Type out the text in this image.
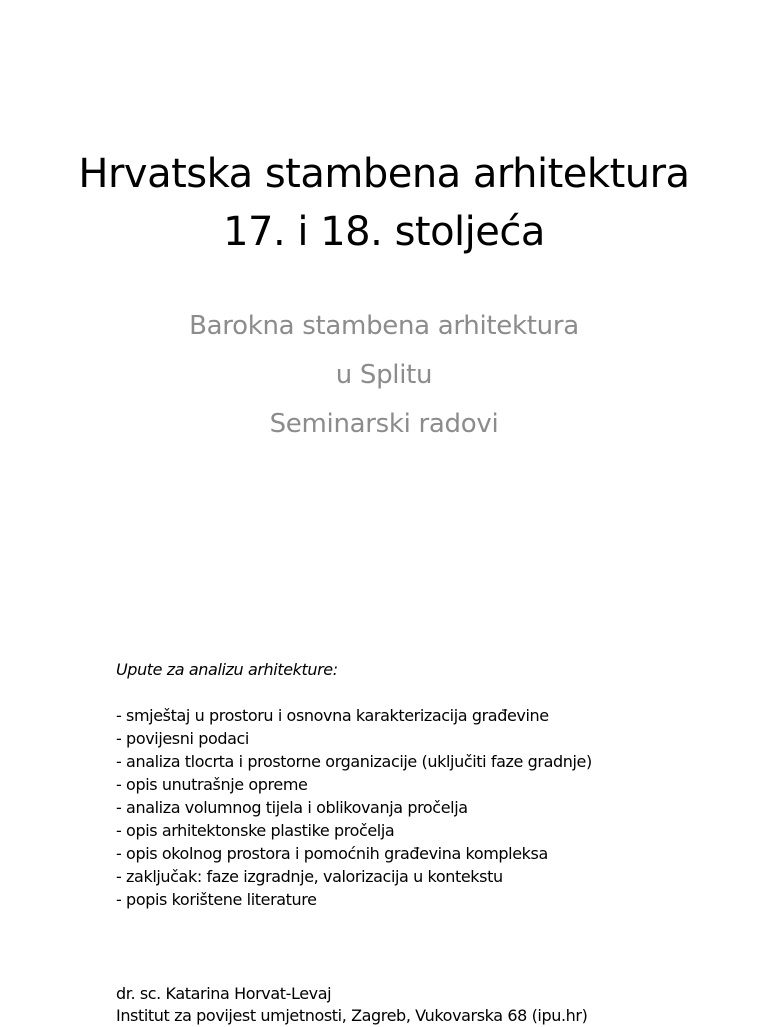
Hrvatska stambena arhitektura
17. i 18. stoljeća
Barokna stambena arhitektura
u Splitu
Seminarski radovi
Upute za analizu arhitekture:
- smještaj u prostoru i osnovna karakterizacija građevine
- povijesni podaci
- analiza tlocrta i prostorne organizacije (uključiti faze gradnje)
- opis unutrašnje opreme
- analiza volumnog tijela i oblikovanja pročelja
- opis arhitektonske plastike pročelja
- opis okolnog prostora i pomoćnih građevina kompleksa
- zaključak: faze izgradnje, valorizacija u kontekstu
- popis korištene literature
dr. sc. Katarina Horvat-Levaj
Institut za povijest umjetnosti, Zagreb, Vukovarska 68 (ipu.hr)
